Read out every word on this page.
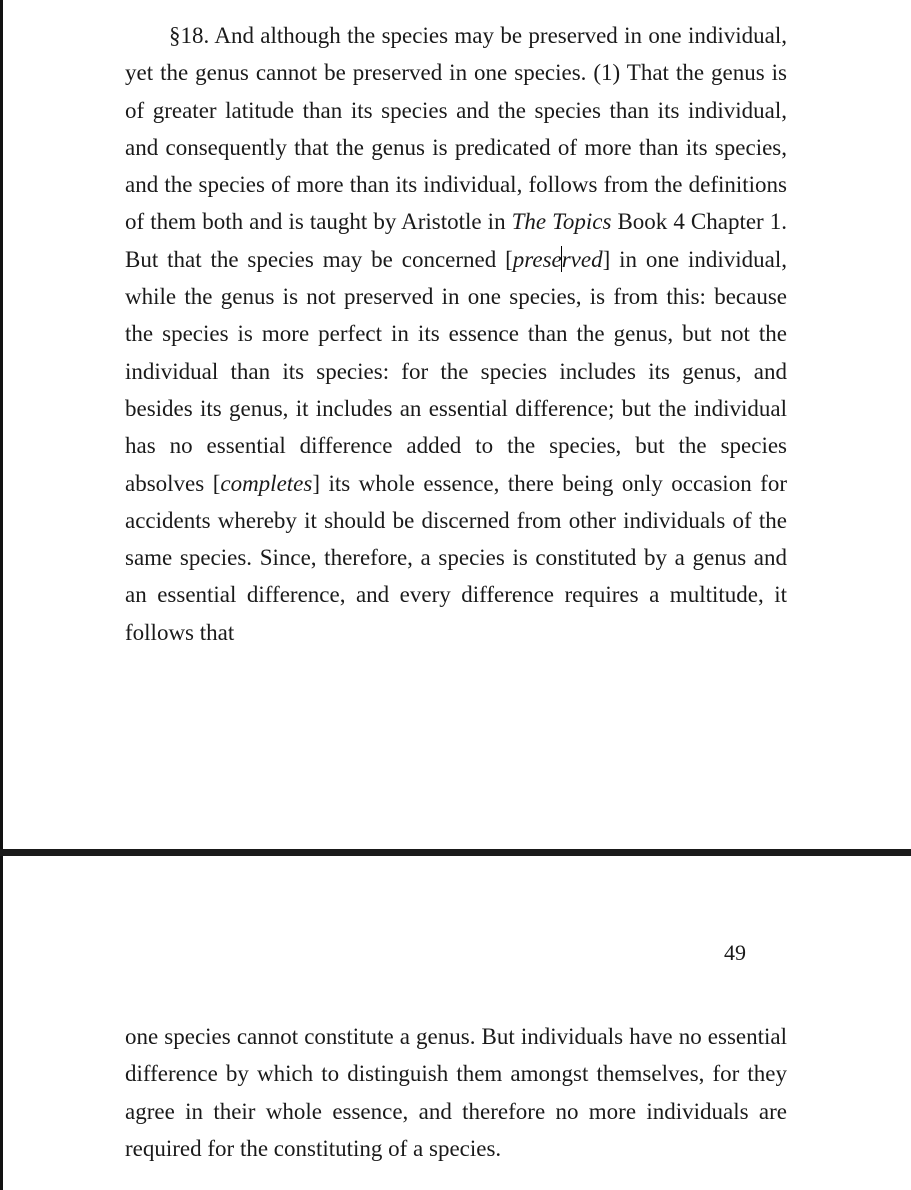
§18. And although the species may be preserved in one individual, yet the genus cannot be preserved in one species. (1) That the genus is of greater latitude than its species and the species than its individual, and consequently that the genus is predicated of more than its species, and the species of more than its individual, follows from the definitions of them both and is taught by Aristotle in The Topics Book 4 Chapter 1. But that the species may be concerned [preserved] in one individual, while the genus is not preserved in one species, is from this: because the species is more perfect in its essence than the genus, but not the individual than its species: for the species includes its genus, and besides its genus, it includes an essential difference; but the individual has no essential difference added to the species, but the species absolves [completes] its whole essence, there being only occasion for accidents whereby it should be discerned from other individuals of the same species. Since, therefore, a species is constituted by a genus and an essential difference, and every difference requires a multitude, it follows that

49

one species cannot constitute a genus. But individuals have no essential difference by which to distinguish them amongst themselves, for they agree in their whole essence, and therefore no more individuals are required for the constituting of a species.
